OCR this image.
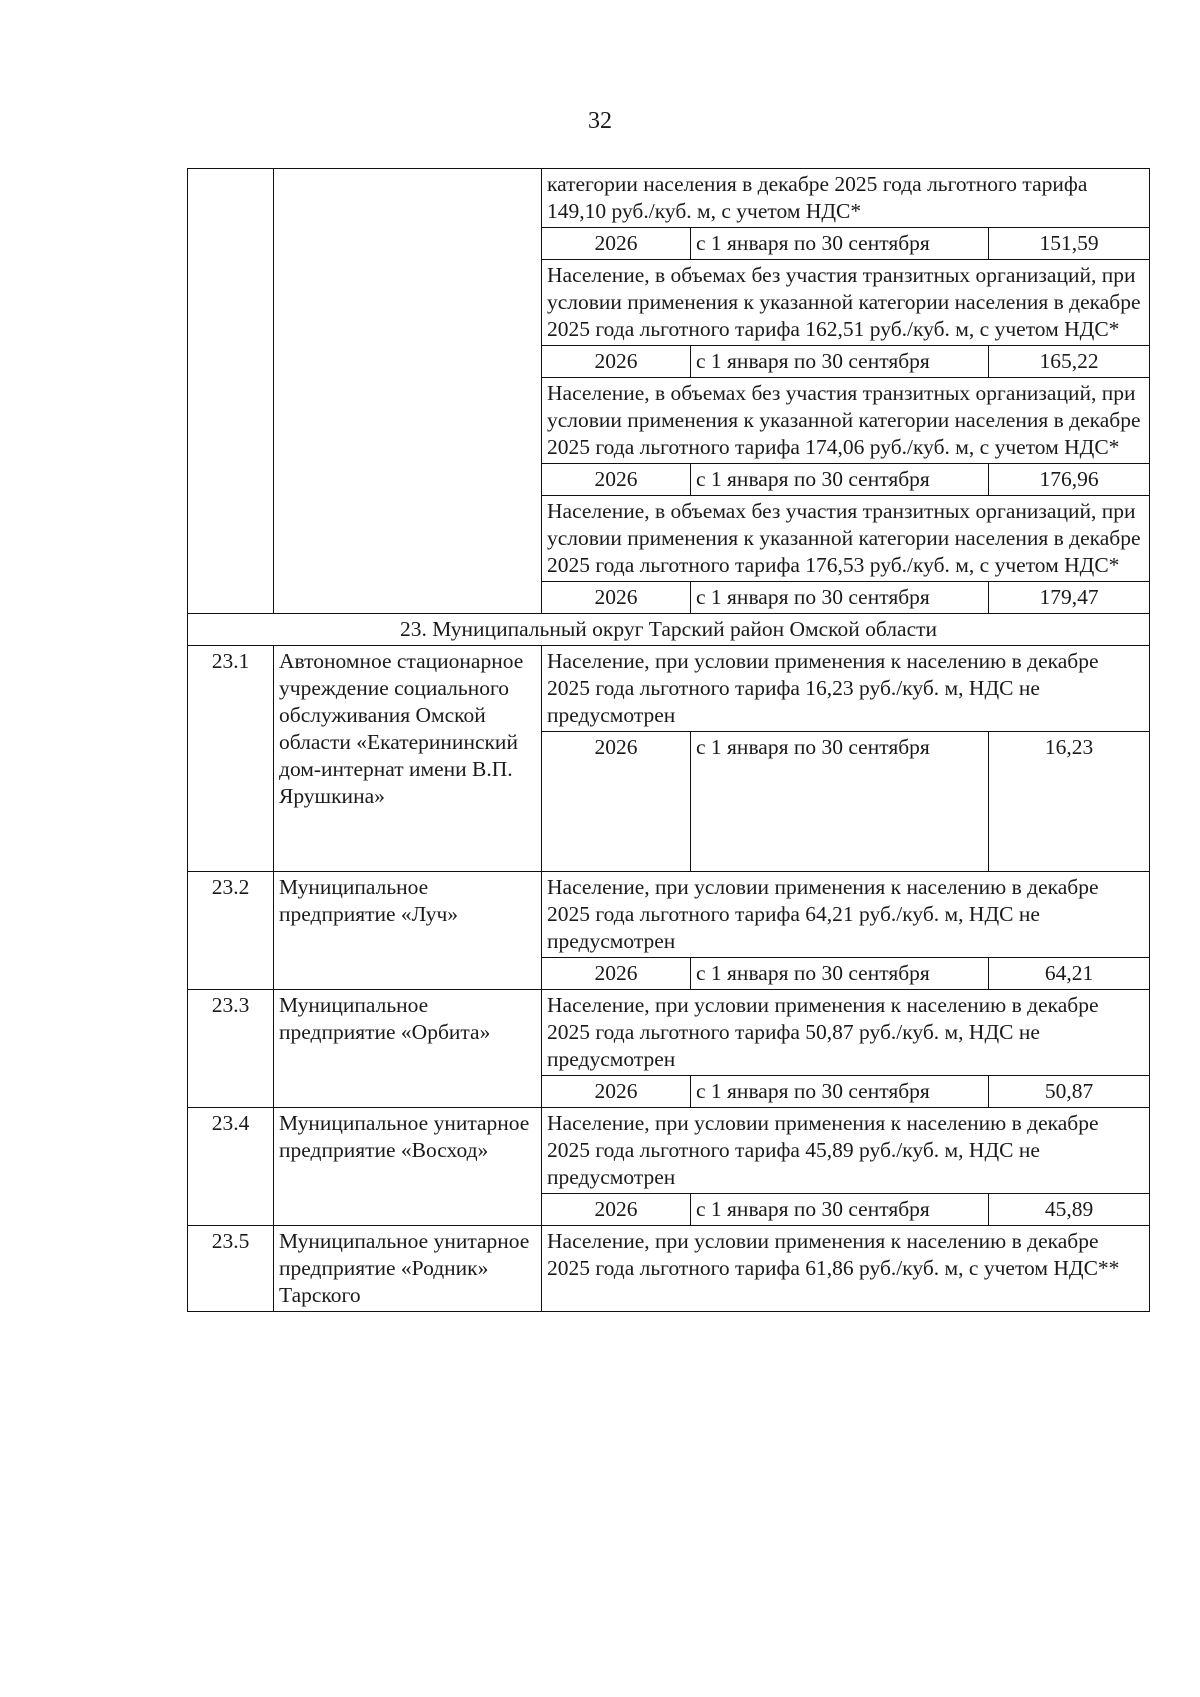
32
		категории населения в декабре 2025 года льготного тарифа 149,10 руб./куб. м, с учетом НДС*		
		2026	с 1 января по 30 сентября	151,59
		Население, в объемах без участия транзитных организаций, при условии применения к указанной категории населения в декабре 2025 года льготного тарифа 162,51 руб./куб. м, с учетом НДС*		
		2026	с 1 января по 30 сентября	165,22
		Население, в объемах без участия транзитных организаций, при условии применения к указанной категории населения в декабре 2025 года льготного тарифа 174,06 руб./куб. м, с учетом НДС*		
		2026	с 1 января по 30 сентября	176,96
		Население, в объемах без участия транзитных организаций, при условии применения к указанной категории населения в декабре 2025 года льготного тарифа 176,53 руб./куб. м, с учетом НДС*		
		2026	с 1 января по 30 сентября	179,47
23. Муниципальный округ Тарский район Омской области				
23.1	Автономное стационарное учреждение социального обслуживания Омской области «Екатерининский дом-интернат имени В.П. Ярушкина»	Население, при условии применения к населению в декабре 2025 года льготного тарифа 16,23 руб./куб. м, НДС не предусмотрен		
		2026	с 1 января по 30 сентября	16,23
23.2	Муниципальное предприятие «Луч»	Население, при условии применения к населению в декабре 2025 года льготного тарифа 64,21 руб./куб. м, НДС не предусмотрен		
		2026	с 1 января по 30 сентября	64,21
23.3	Муниципальное предприятие «Орбита»	Население, при условии применения к населению в декабре 2025 года льготного тарифа 50,87 руб./куб. м, НДС не предусмотрен		
		2026	с 1 января по 30 сентября	50,87
23.4	Муниципальное унитарное предприятие «Восход»	Население, при условии применения к населению в декабре 2025 года льготного тарифа 45,89 руб./куб. м, НДС не предусмотрен		
		2026	с 1 января по 30 сентября	45,89
23.5	Муниципальное унитарное предприятие «Родник» Тарского	Население, при условии применения к населению в декабре 2025 года льготного тарифа 61,86 руб./куб. м, с учетом НДС**		
